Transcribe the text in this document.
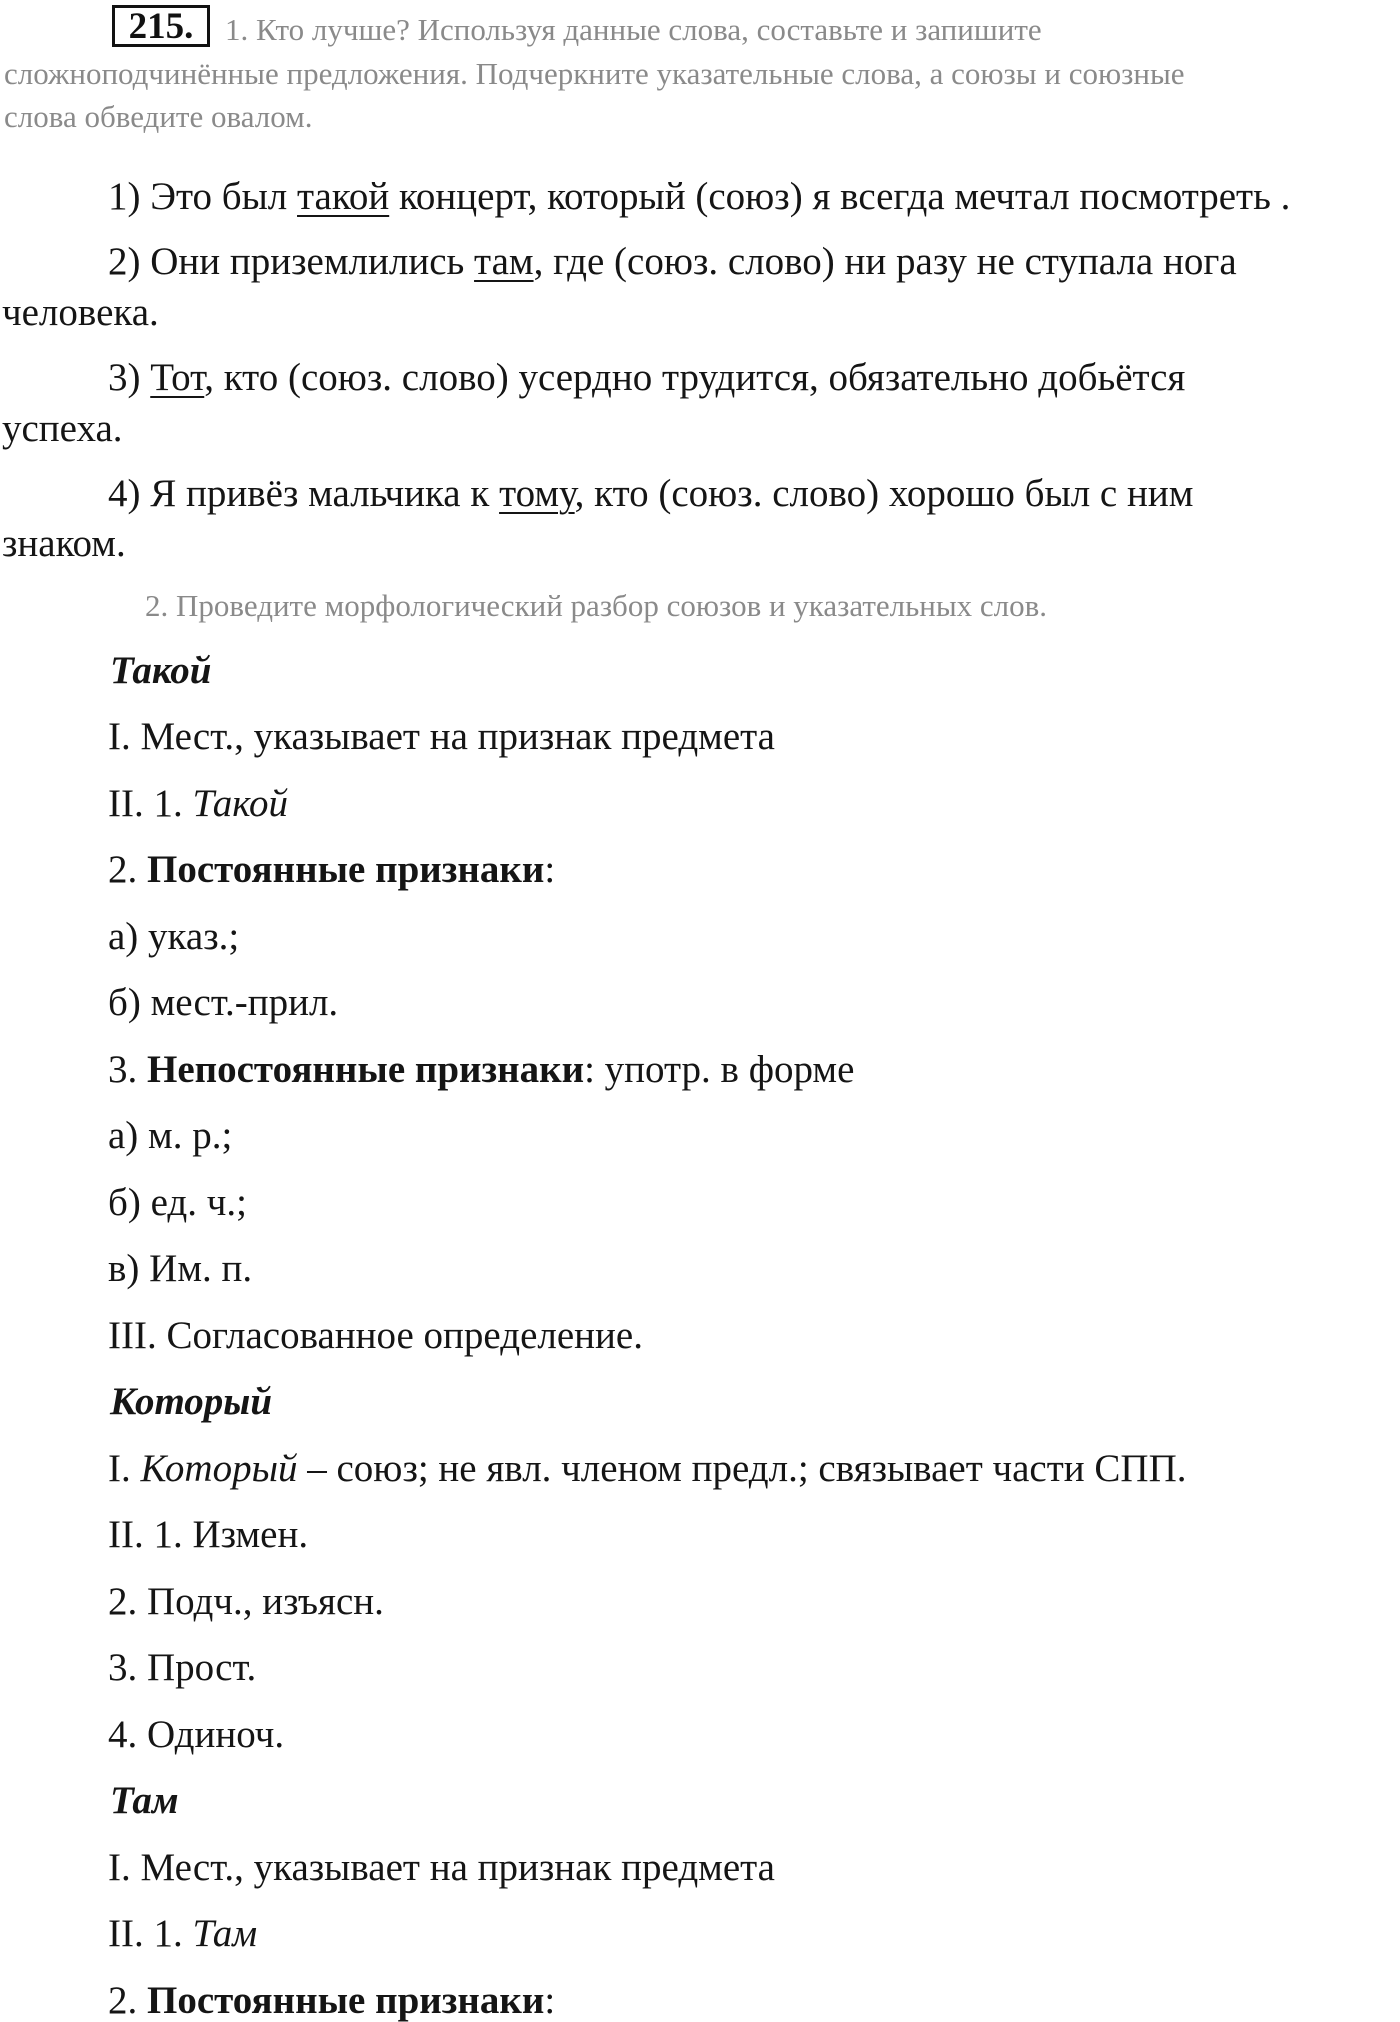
215.	1. Кто лучше? Используя данные слова, составьте и запишите
сложноподчинённые предложения. Подчеркните указательные слова, а союзы и союзные
слова обведите овалом.
1) Это был такой концерт, который (союз) я всегда мечтал посмотреть .
2) Они приземлились там, где (союз. слово) ни разу не ступала нога
человека.
3) Тот, кто (союз. слово) усердно трудится, обязательно добьётся
успеха.
4) Я привёз мальчика к тому, кто (союз. слово) хорошо был с ним
знаком.
2. Проведите морфологический разбор союзов и указательных слов.
Такой
I. Мест., указывает на признак предмета
II. 1. Такой
2. Постоянные признаки:
а) указ.;
б) мест.-прил.
3. Непостоянные признаки: употр. в форме
а) м. р.;
б) ед. ч.;
в) Им. п.
III. Согласованное определение.
Который
I. Который – союз; не явл. членом предл.; связывает части СПП.
II. 1. Измен.
2. Подч., изъясн.
3. Прост.
4. Одиноч.
Там
I. Мест., указывает на признак предмета
II. 1. Там
2. Постоянные признаки:
